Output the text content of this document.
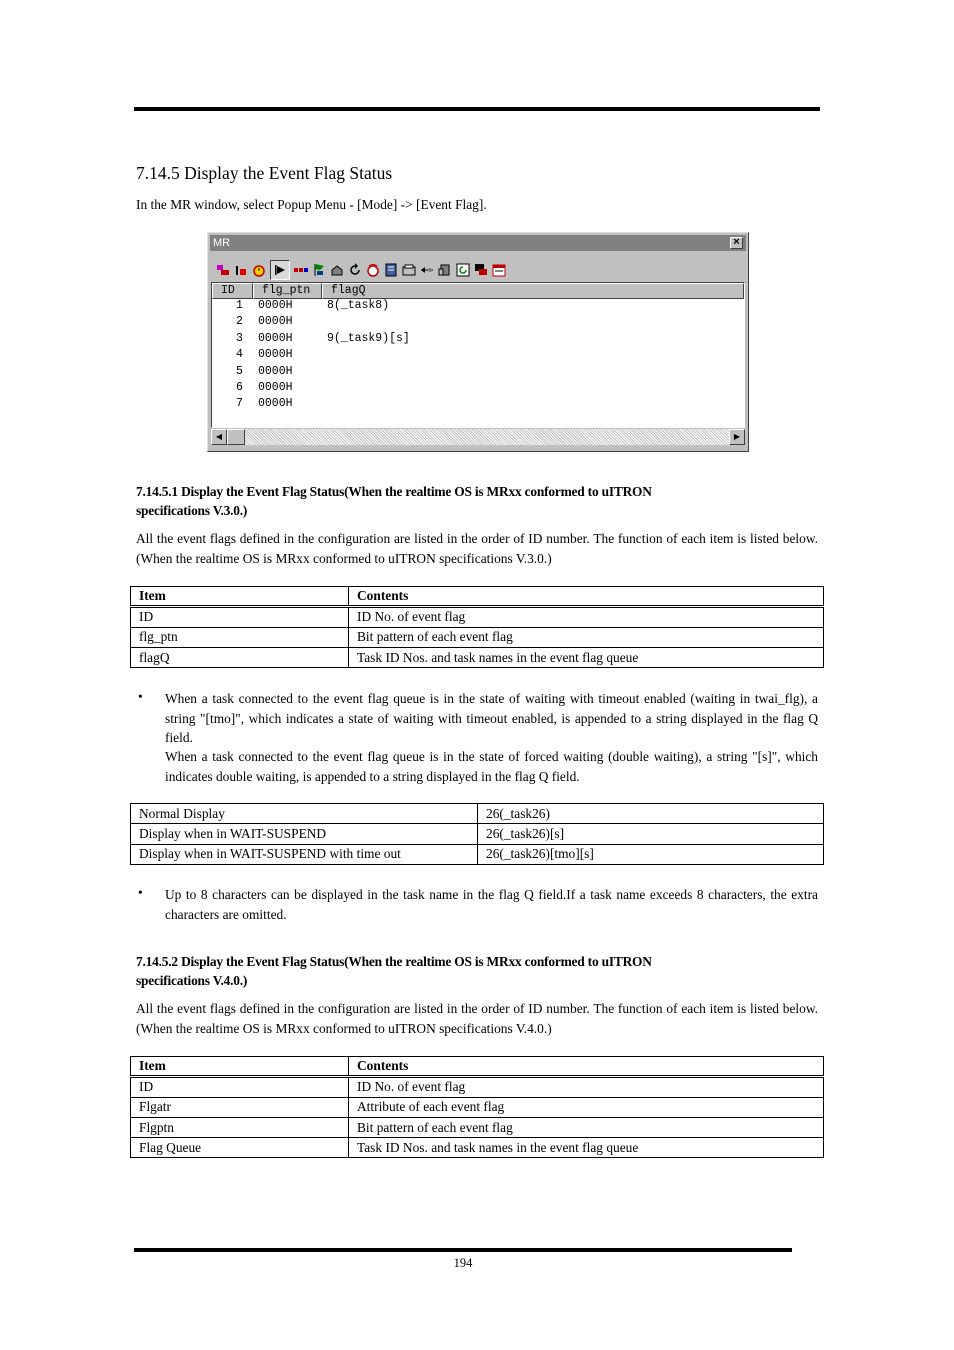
7.14.5 Display the Event Flag Status
In the MR window, select Popup Menu - [Mode] -> [Event Flag].
MR	×
ID	flg_ptn	flagQ
1 0000H	8(_task8)
2 0000H
3 0000H	9(_task9)[s]
4 0000H
5 0000H
6 0000H
7 0000H
◀	▶
7.14.5.1 Display the Event Flag Status(When the realtime OS is MRxx conformed to uITRON
specifications V.3.0.)
All the event flags defined in the configuration are listed in the order of ID number. The function of each item is listed below. (When the realtime OS is MRxx conformed to uITRON specifications V.3.0.)
Item	Contents
ID	ID No. of event flag
flg_ptn	Bit pattern of each event flag
flagQ	Task ID Nos. and task names in the event flag queue
• When a task connected to the event flag queue is in the state of waiting with timeout enabled (waiting in twai_flg), a string "[tmo]", which indicates a state of waiting with timeout enabled, is appended to a string displayed in the flag Q field.
When a task connected to the event flag queue is in the state of forced waiting (double waiting), a string "[s]", which indicates double waiting, is appended to a string displayed in the flag Q field.
Normal Display	26(_task26)
Display when in WAIT-SUSPEND	26(_task26)[s]
Display when in WAIT-SUSPEND with time out	26(_task26)[tmo][s]
• Up to 8 characters can be displayed in the task name in the flag Q field.If a task name exceeds 8 characters, the extra characters are omitted.
7.14.5.2 Display the Event Flag Status(When the realtime OS is MRxx conformed to uITRON
specifications V.4.0.)
All the event flags defined in the configuration are listed in the order of ID number. The function of each item is listed below. (When the realtime OS is MRxx conformed to uITRON specifications V.4.0.)
Item	Contents
ID	ID No. of event flag
Flgatr	Attribute of each event flag
Flgptn	Bit pattern of each event flag
Flag Queue	Task ID Nos. and task names in the event flag queue
194
